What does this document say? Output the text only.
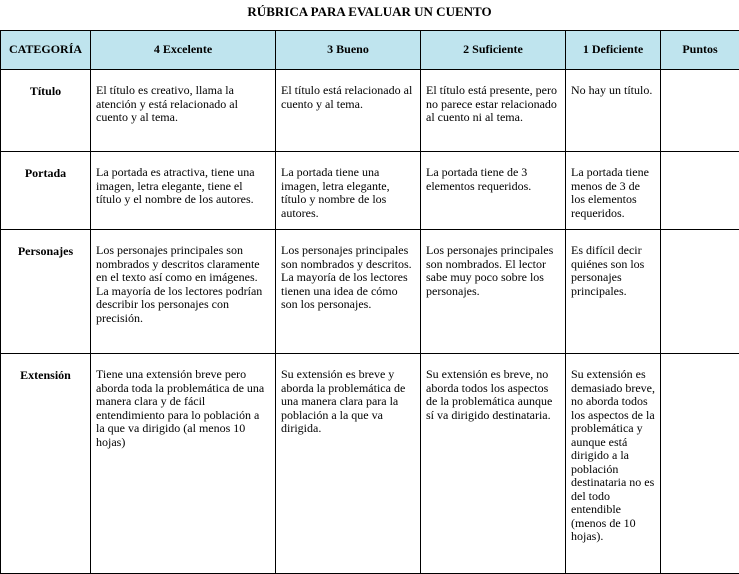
RÚBRICA PARA EVALUAR UN CUENTO
CATEGORÍA	4 Excelente	3 Bueno	2 Suficiente	1 Deficiente	Puntos
Título	El título es creativo, llama la atención y está relacionado al cuento y al tema.	El título está relacionado al cuento y al tema.	El título está presente, pero no parece estar relacionado al cuento ni al tema.	No hay un título.	
Portada	La portada es atractiva, tiene una imagen, letra elegante, tiene el título y el nombre de los autores.	La portada tiene una imagen, letra elegante, título y nombre de los autores.	La portada tiene de 3 elementos requeridos.	La portada tiene menos de 3 de los elementos requeridos.	
Personajes	Los personajes principales son nombrados y descritos claramente en el texto así como en imágenes. La mayoría de los lectores podrían describir los personajes con precisión.	Los personajes principales son nombrados y descritos. La mayoría de los lectores tienen una idea de cómo son los personajes.	Los personajes principales son nombrados. El lector sabe muy poco sobre los personajes.	Es difícil decir quiénes son los personajes principales.	
Extensión	Tiene una extensión breve pero aborda toda la problemática de una manera clara y de fácil entendimiento para lo población a la que va dirigido (al menos 10 hojas)	Su extensión es breve y aborda la problemática de una manera clara para la población a la que va dirigida.	Su extensión es breve, no aborda todos los aspectos de la problemática aunque sí va dirigido destinataria.	Su extensión es demasiado breve, no aborda todos los aspectos de la problemática y aunque está dirigido a la población destinataria no es del todo entendible (menos de 10 hojas).	
